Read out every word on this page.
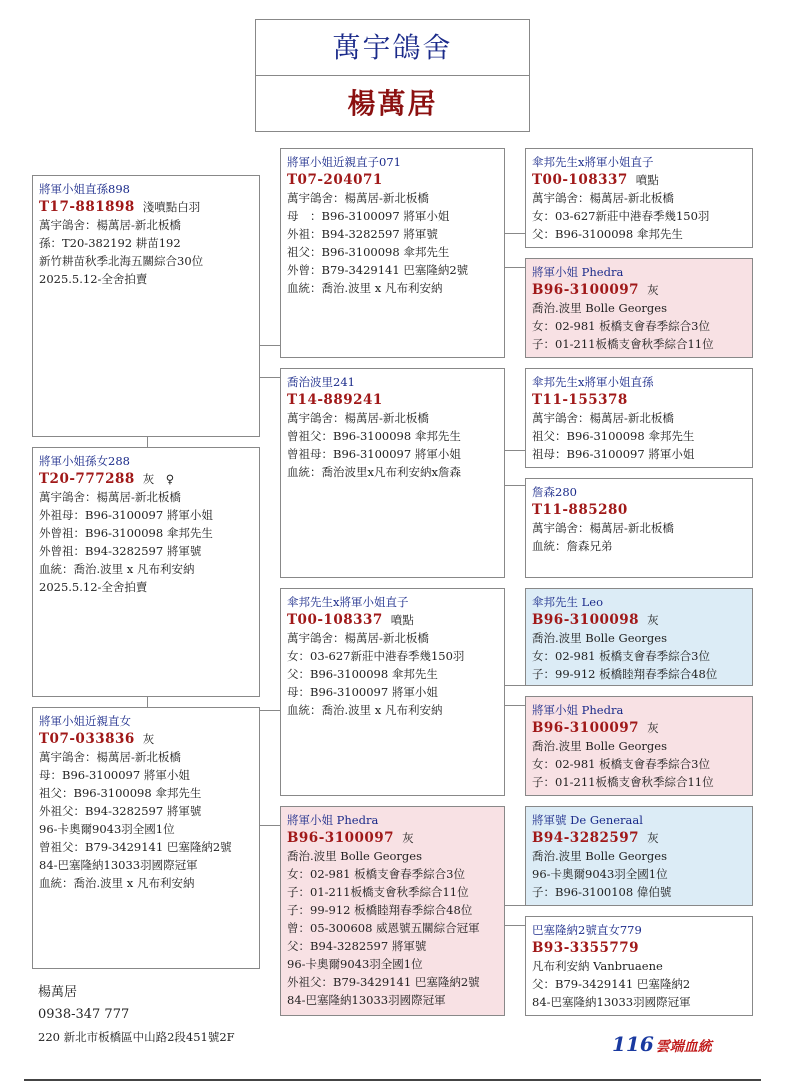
萬宇鴿舍
楊萬居
將軍小姐直孫898
T17-881898 淺噴點白羽
萬宇鴿舍：楊萬居-新北板橋
孫：T20-382192 耕苗192
新竹耕苗秋季北海五關綜合30位
2025.5.12-全舍拍賣
將軍小姐孫女288
T20-777288 灰　♀
萬宇鴿舍：楊萬居-新北板橋
外祖母：B96-3100097 將軍小姐
外曾祖：B96-3100098 傘邦先生
外曾祖：B94-3282597 將軍號
血統：喬治.波里 x 凡布利安納
2025.5.12-全舍拍賣
將軍小姐近親直女
T07-033836 灰
萬宇鴿舍：楊萬居-新北板橋
母：B96-3100097 將軍小姐
祖父：B96-3100098 傘邦先生
外祖父：B94-3282597 將軍號
96-卡奧爾9043羽全國1位
曾祖父：B79-3429141 巴塞隆納2號
84-巴塞隆納13033羽國際冠軍
血統：喬治.波里 x 凡布利安納
將軍小姐近親直子071
T07-204071
萬宇鴿舍：楊萬居-新北板橋
母　：B96-3100097 將軍小姐
外祖：B94-3282597 將軍號
祖父：B96-3100098 傘邦先生
外曾：B79-3429141 巴塞隆納2號
血統：喬治.波里 x 凡布利安納
喬治波里241
T14-889241
萬宇鴿舍：楊萬居-新北板橋
曾祖父：B96-3100098 傘邦先生
曾祖母：B96-3100097 將軍小姐
血統：喬治波里x凡布利安納x詹森
傘邦先生x將軍小姐直子
T00-108337 噴點
萬宇鴿舍：楊萬居-新北板橋
女：03-627新莊中港春季幾150羽
父：B96-3100098 傘邦先生
母：B96-3100097 將軍小姐
血統：喬治.波里 x 凡布利安納
將軍小姐 Phedra
B96-3100097 灰
喬治.波里 Bolle Georges
女：02-981 板橋支會春季綜合3位
子：01-211板橋支會秋季綜合11位
子：99-912 板橋睦翔春季綜合48位
曾：05-300608 威恩號五關綜合冠軍
父：B94-3282597 將軍號
96-卡奧爾9043羽全國1位
外祖父：B79-3429141 巴塞隆納2號
84-巴塞隆納13033羽國際冠軍
傘邦先生x將軍小姐直子
T00-108337 噴點
萬宇鴿舍：楊萬居-新北板橋
女：03-627新莊中港春季幾150羽
父：B96-3100098 傘邦先生
將軍小姐 Phedra
B96-3100097 灰
喬治.波里 Bolle Georges
女：02-981 板橋支會春季綜合3位
子：01-211板橋支會秋季綜合11位
傘邦先生x將軍小姐直孫
T11-155378
萬宇鴿舍：楊萬居-新北板橋
祖父：B96-3100098 傘邦先生
祖母：B96-3100097 將軍小姐
詹森280
T11-885280
萬宇鴿舍：楊萬居-新北板橋
血統：詹森兄弟
傘邦先生 Leo
B96-3100098 灰
喬治.波里 Bolle Georges
女：02-981 板橋支會春季綜合3位
子：99-912 板橋睦翔春季綜合48位
將軍小姐 Phedra
B96-3100097 灰
喬治.波里 Bolle Georges
女：02-981 板橋支會春季綜合3位
子：01-211板橋支會秋季綜合11位
將軍號 De Generaal
B94-3282597 灰
喬治.波里 Bolle Georges
96-卡奧爾9043羽全國1位
子：B96-3100108 偉伯號
巴塞隆納2號直女779
B93-3355779
凡布利安納 Vanbruaene
父：B79-3429141 巴塞隆納2
84-巴塞隆納13033羽國際冠軍
楊萬居
0938-347 777
220 新北市板橋區中山路2段451號2F	116 雲端血統
